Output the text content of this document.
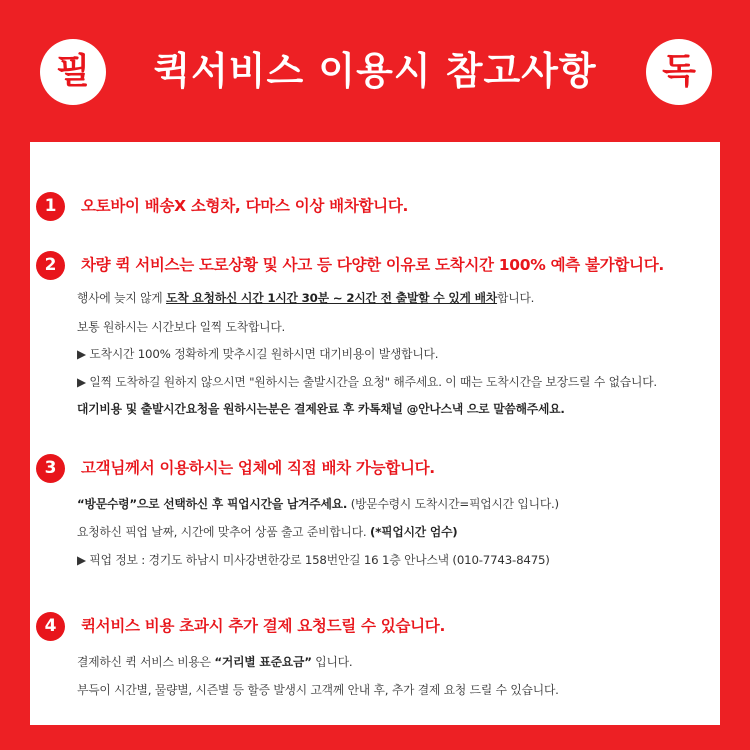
필	퀵서비스 이용시 참고사항	독
1	오토바이 배송X 소형차, 다마스 이상 배차합니다.
2	차량 퀵 서비스는 도로상황 및 사고 등 다양한 이유로 도착시간 100% 예측 불가합니다.
행사에 늦지 않게 도착 요청하신 시간 1시간 30분 ~ 2시간 전 출발할 수 있게 배차합니다.
보통 원하시는 시간보다 일찍 도착합니다.
▶ 도착시간 100% 정확하게 맞추시길 원하시면 대기비용이 발생합니다.
▶ 일찍 도착하길 원하지 않으시면 "원하시는 출발시간을 요청" 해주세요. 이 때는 도착시간을 보장드릴 수 없습니다.
대기비용 및 출발시간요청을 원하시는분은 결제완료 후 카톡채널 @안나스낵 으로 말씀해주세요.
3	고객님께서 이용하시는 업체에 직접 배차 가능합니다.
“방문수령”으로 선택하신 후 픽업시간을 남겨주세요. (방문수령시 도착시간=픽업시간 입니다.)
요청하신 픽업 날짜, 시간에 맞추어 상품 출고 준비합니다. (*픽업시간 엄수)
▶ 픽업 정보 : 경기도 하남시 미사강변한강로 158번안길 16 1층 안나스낵 (010-7743-8475)
4	퀵서비스 비용 초과시 추가 결제 요청드릴 수 있습니다.
결제하신 퀵 서비스 비용은 “거리별 표준요금” 입니다.
부득이 시간별, 물량별, 시즌별 등 할증 발생시 고객께 안내 후, 추가 결제 요청 드릴 수 있습니다.
